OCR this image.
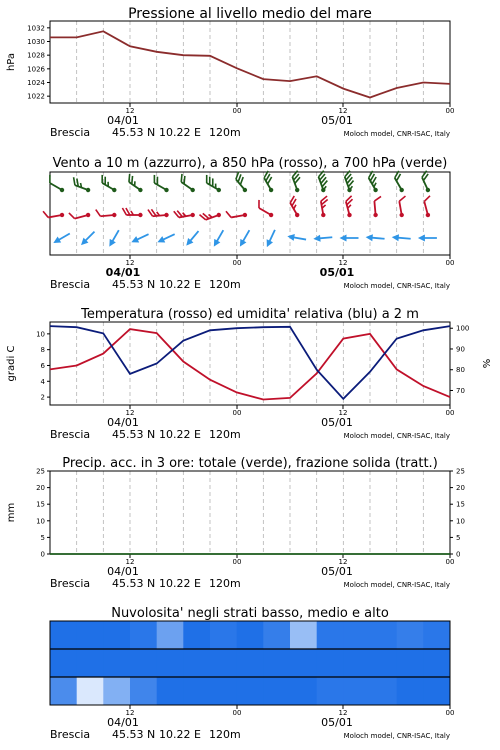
Pressione al livello medio del mare
1022
1024
1026
1028
1030
1032
hPa
12	00	12	00
04/01	05/01
Brescia 45.53 N 10.22 E 120m	Moloch model, CNR-ISAC, Italy
Vento a 10 m (azzurro), a 850 hPa (rosso), a 700 hPa (verde)
12	00	12	00
04/01	05/01
Brescia 45.53 N 10.22 E 120m	Moloch model, CNR-ISAC, Italy
Temperatura (rosso) ed umidita' relativa (blu) a 2 m
2
4
6
8
10
70
80
90
100
gradi C	%
12	00	12	00
04/01	05/01
Brescia 45.53 N 10.22 E 120m	Moloch model, CNR-ISAC, Italy
Precip. acc. in 3 ore: totale (verde), frazione solida (tratt.)
0	0
5	5
10	10
15	15
20	20
25	25
mm
12	00	12	00
04/01	05/01
Brescia 45.53 N 10.22 E 120m	Moloch model, CNR-ISAC, Italy
Nuvolosita' negli strati basso, medio e alto
12	00	12	00
04/01	05/01
Brescia 45.53 N 10.22 E 120m	Moloch model, CNR-ISAC, Italy
